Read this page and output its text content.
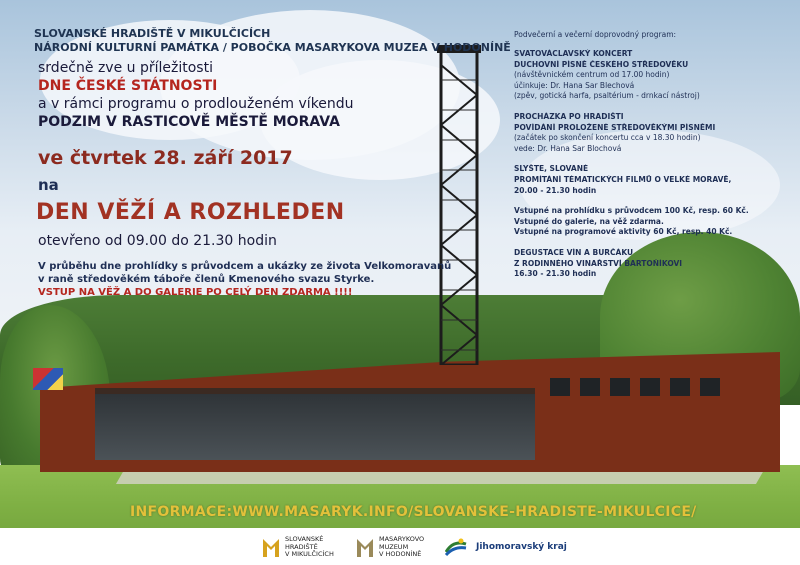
SLOVANSKÉ HRADIŠTĚ V MIKULČICÍCH

NÁRODNÍ KULTURNÍ PAMÁTKA / POBOČKA MASARYKOVA MUZEA V HODONÍNĚ

srdečně zve u příležitosti

DNE ČESKÉ STÁTNOSTI

a v rámci programu o prodlouženém víkendu

PODZIM V RASTICOVĚ MĚSTĚ MORAVA

ve čtvrtek 28. září 2017

na

DEN VĚŽÍ A ROZHLEDEN

otevřeno od 09.00 do 21.30 hodin

V průběhu dne prohlídky s průvodcem a ukázky ze života Velkomoravanů

v raně středověkém táboře členů Kmenového svazu Styrke.

VSTUP NA VĚŽ A DO GALERIE PO CELÝ DEN ZDARMA !!!!

Podvečerní a večerní doprovodný program:

SVATOVÁCLAVSKÝ KONCERT
DUCHOVNÍ PÍSNĚ ČESKÉHO STŘEDOVĚKU
(návštěvnickém centrum od 17.00 hodin)
účinkuje: Dr. Hana Sar Blechová
(zpěv, gotická harfa, psaltérium - drnkací nástroj)
PROCHÁZKA PO HRADIŠTI
POVÍDÁNÍ PROLOŽENÉ STŘEDOVĚKÝMI PÍSNĚMI
(začátek po skončení koncertu cca v 18.30 hodin)
vede: Dr. Hana Sar Blochová
SLYŠTE, SLOVANÉ
PROMÍTÁNÍ TÉMATICKÝCH FILMŮ O VELKÉ MORAVĚ,
20.00 - 21.30 hodin
Vstupné na prohlídku s průvodcem 100 Kč, resp. 60 Kč.
Vstupné do galerie, na věž zdarma.
Vstupné na programové aktivity 60 Kč, resp. 40 Kč.
DEGUSTACE VÍN A BURČÁKU
Z RODINNÉHO VINAŘSTVÍ BARTOŇÍKOVI
16.30 - 21.30 hodin

INFORMACE:WWW.MASARYK.INFO/SLOVANSKE-HRADISTE-MIKULCICE/

SLOVANSKÉ
HRADIŠTĚ
V MIKULČICÍCH
MASARYKOVO
MUZEUM
V HODONÍNĚ
Jihomoravský kraj
